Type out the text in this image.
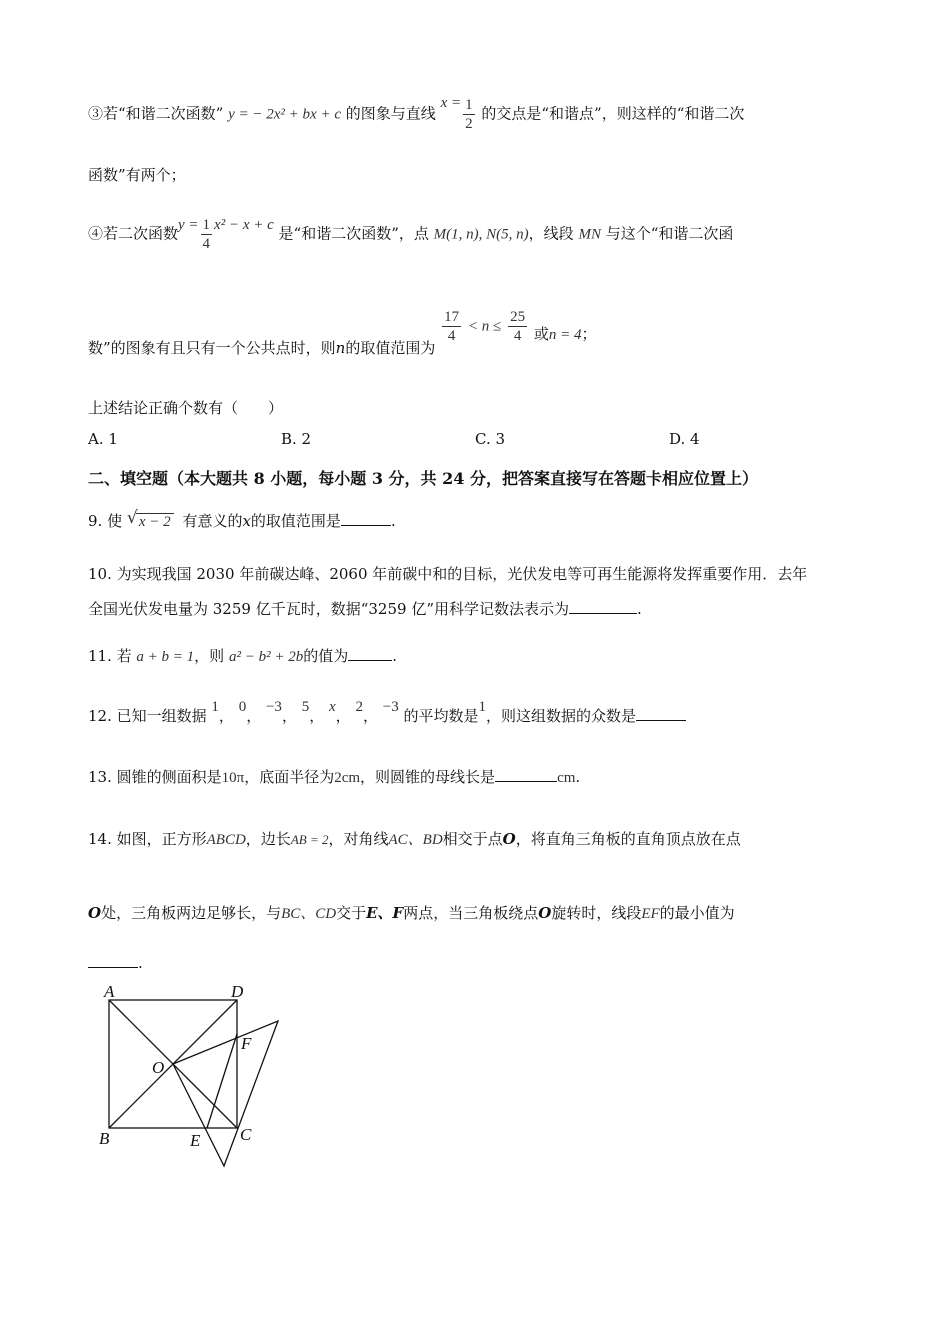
③若“和谐二次函数” y = − 2x² + bx + c 的图象与直线 $x = \frac{1}{2}$ 的交点是“和谐点”，则这样的“和谐二次
函数”有两个；
④若二次函数$y = \frac{1}{4} x^2 - x + c$ 是“和谐二次函数”，点 M(1, n), N(5, n)，线段 MN 与这个“和谐二次函
数”的图象有且只有一个公共点时，则n的取值范围为
$\frac{17}{4} < n \le \frac{25}{4}$ 或n = 4；
上述结论正确个数有（　　）
A. 1	B. 2	C. 3	D. 4
二、填空题（本大题共 8 小题，每小题 3 分，共 24 分，把答案直接写在答题卡相应位置上）
9. 使 √ x − 2 有意义的x的取值范围是	.
10. 为实现我国 2030 年前碳达峰、2060 年前碳中和的目标，光伏发电等可再生能源将发挥重要作用．去年
全国光伏发电量为 3259 亿千瓦时，数据“3259 亿”用科学记数法表示为	.
11. 若 a + b = 1，则 a² − b² + 2b的值为	.
12. 已知一组数据 1， 0， −3， 5， x， 2， −3 的平均数是1，则这组数据的众数是
13. 圆锥的侧面积是10π，底面半径为2cm，则圆锥的母线长是	cm.
14. 如图，正方形ABCD，边长AB = 2，对角线AC、BD相交于点O，将直角三角板的直角顶点放在点
O处，三角板两边足够长，与BC、CD交于E、F两点，当三角板绕点O旋转时，线段EF的最小值为
.
A	D
B	C
O
E
F
